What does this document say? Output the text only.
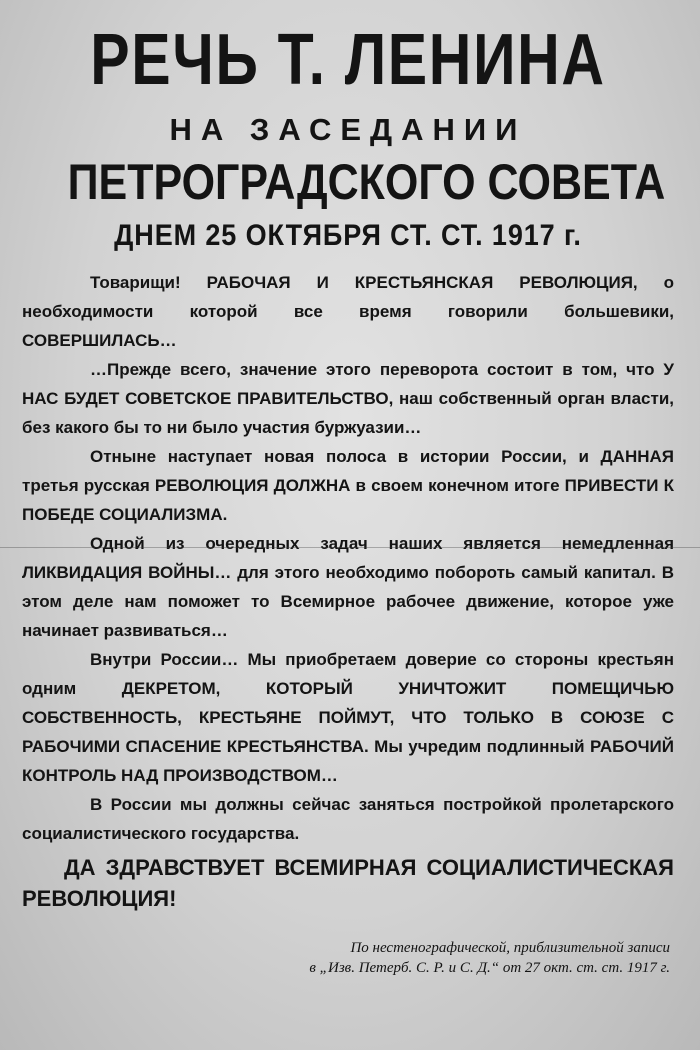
РЕЧЬ Т. ЛЕНИНА
НА ЗАСЕДАНИИ
ПЕТРОГРАДСКОГО СОВЕТА
ДНЕМ 25 ОКТЯБРЯ СТ. СТ. 1917 г.

Товарищи! РАБОЧАЯ И КРЕСТЬЯНСКАЯ РЕВОЛЮЦИЯ, о необходимости которой все время говорили большевики, СОВЕРШИЛАСЬ…

…Прежде всего, значение этого переворота состоит в том, что У НАС БУДЕТ СОВЕТСКОЕ ПРАВИТЕЛЬСТВО, наш собственный орган власти, без какого бы то ни было участия буржуазии…

Отныне наступает новая полоса в истории России, и ДАННАЯ третья русская РЕВОЛЮЦИЯ ДОЛЖНА в своем конечном итоге ПРИВЕСТИ К ПОБЕДЕ СОЦИАЛИЗМА.

Одной из очередных задач наших является немедленная ЛИКВИДАЦИЯ ВОЙНЫ… для этого необходимо побороть самый капитал. В этом деле нам поможет то Всемирное рабочее движение, которое уже начинает развиваться…

Внутри России… Мы приобретаем доверие со стороны крестьян одним ДЕКРЕТОМ, КОТОРЫЙ УНИЧТОЖИТ ПОМЕЩИЧЬЮ СОБСТВЕННОСТЬ, КРЕСТЬЯНЕ ПОЙМУТ, ЧТО ТОЛЬКО В СОЮЗЕ С РАБОЧИМИ СПАСЕНИЕ КРЕСТЬЯНСТВА. Мы учредим подлинный РАБОЧИЙ КОНТРОЛЬ НАД ПРОИЗВОДСТВОМ…

В России мы должны сейчас заняться постройкой пролетарского социалистического государства.

ДА ЗДРАВСТВУЕТ ВСЕМИРНАЯ СОЦИАЛИСТИЧЕСКАЯ РЕВОЛЮЦИЯ!

По нестенографической, приблизительной записи
в „Изв. Петерб. С. Р. и С. Д.“ от 27 окт. ст. ст. 1917 г.
